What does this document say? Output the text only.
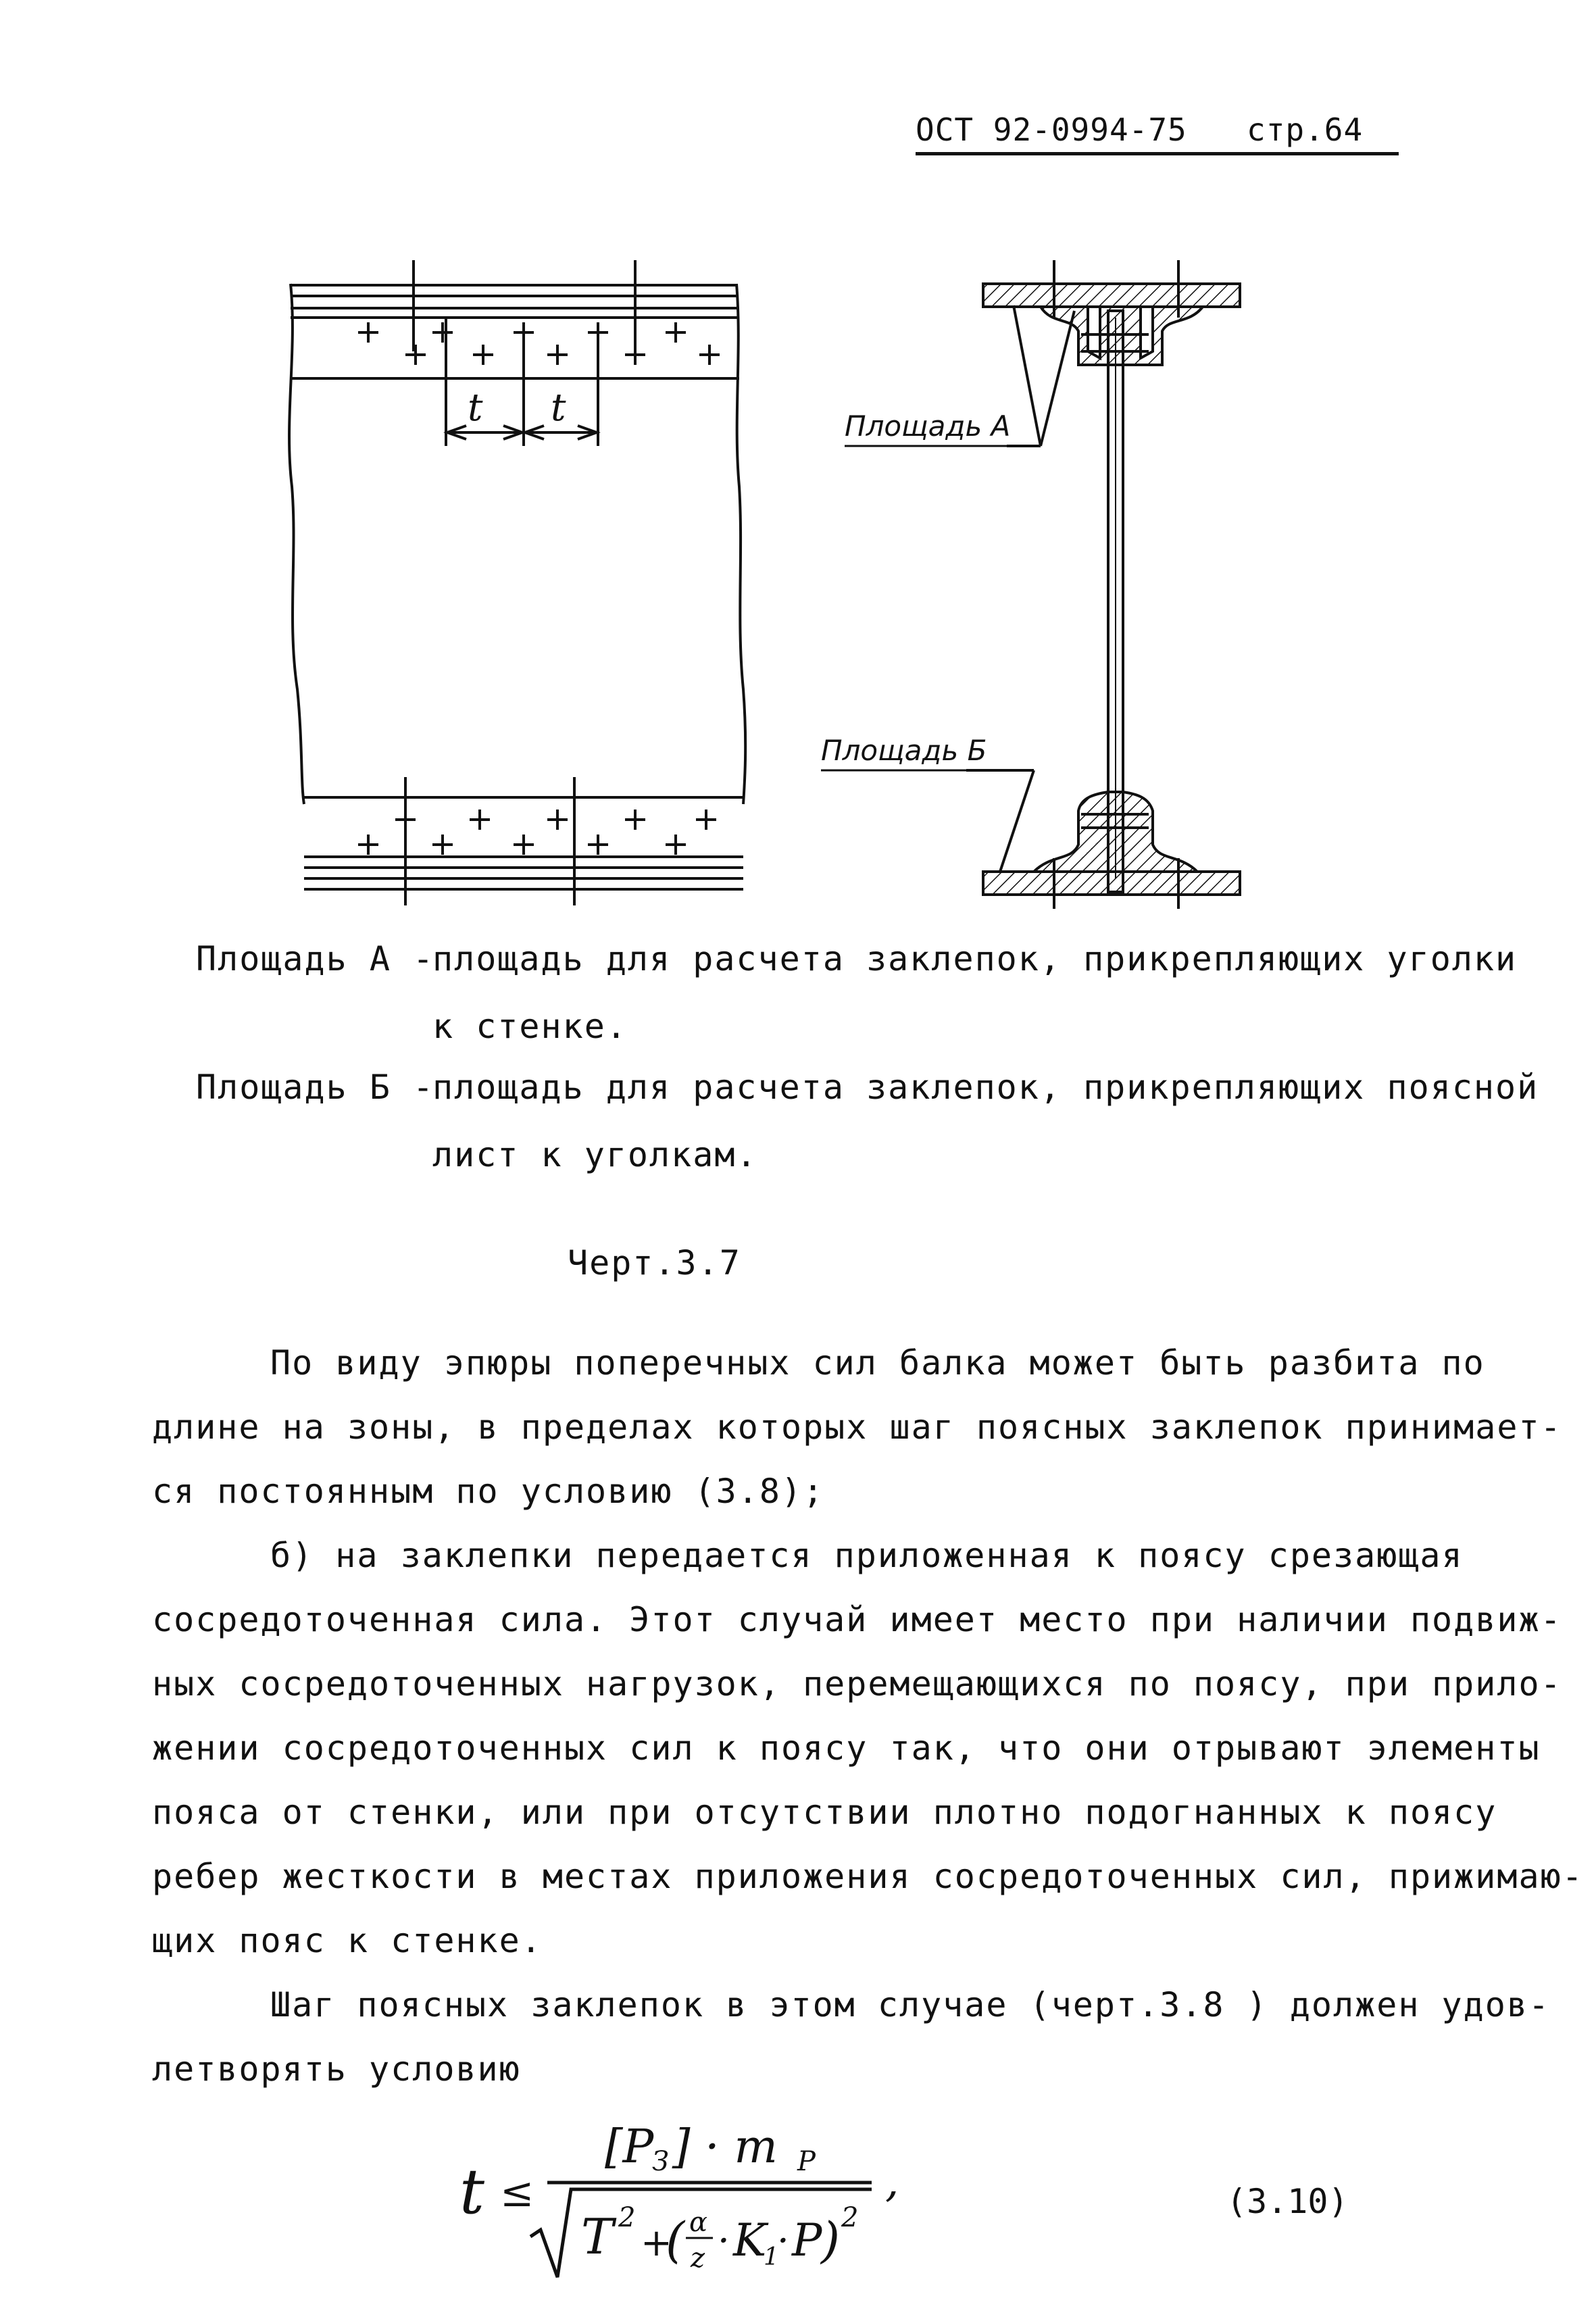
ОСТ 92-0994-75 стр.64
t t	Площадь А
Площадь Б
Площадь А -
площадь для расчета заклепок, прикрепляющих уголки
к стенке.
Площадь Б -
площадь для расчета заклепок, прикрепляющих поясной
лист к уголкам.
Черт.3.7
По виду эпюры поперечных сил балка может быть разбита по
длине на зоны, в пределах которых шаг поясных заклепок принимает-
ся постоянным по условию (3.8);
б) на заклепки передается приложенная к поясу срезающая
сосредоточенная сила. Этот случай имеет место при наличии подвиж-
ных сосредоточенных нагрузок, перемещающихся по поясу, при прило-
жении сосредоточенных сил к поясу так, что они отрывают элементы
пояса от стенки, или при отсутствии плотно подогнанных к поясу
ребер жесткости в местах приложения сосредоточенных сил, прижимаю-
щих пояс к стенке.
Шаг поясных заклепок в этом случае (черт.3.8 ) должен удов-
летворять условию
t ≤
[P
З ] · m P
T 2
+
( α
z · K
1
· P
) 2
,	(3.10)
